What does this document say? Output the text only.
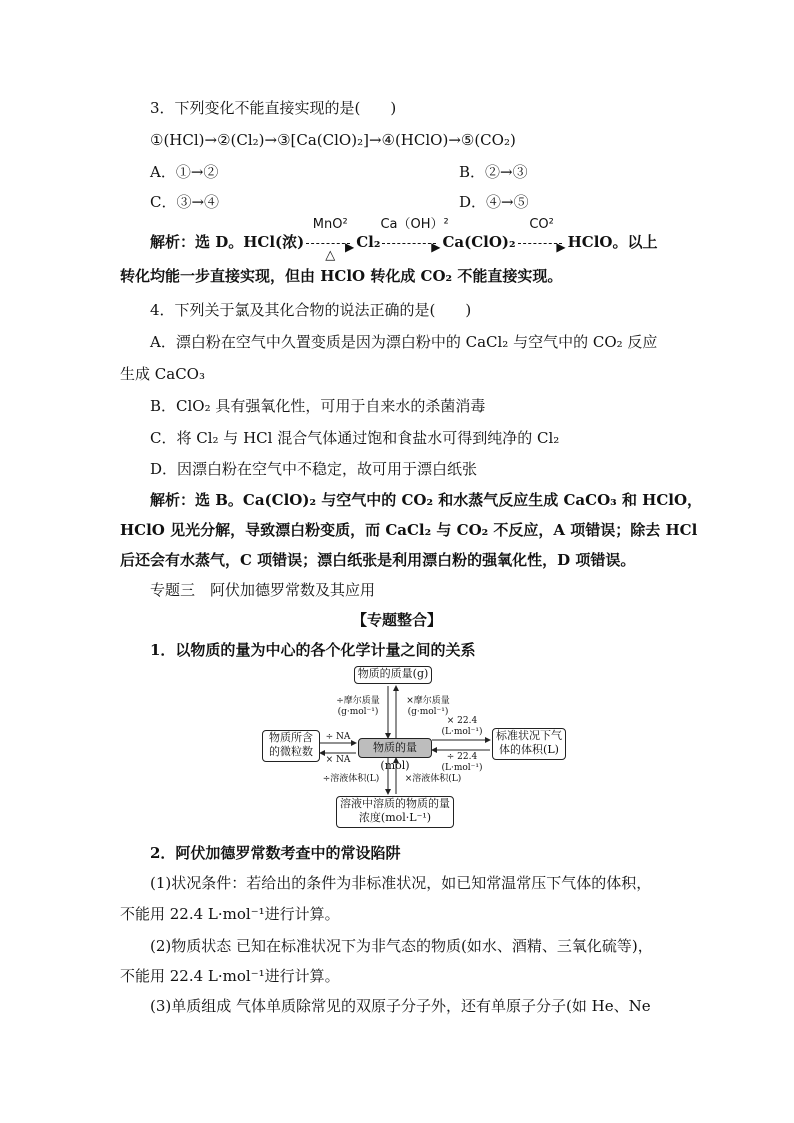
3．下列变化不能直接实现的是(　　)
①(HCl)→②(Cl₂)→③[Ca(ClO)₂]→④(HClO)→⑤(CO₂)
A．①→②	B．②→③
C．③→④	D．④→⑤
解析：选 D。HCl(浓)
MnO²
▶
△
Cl₂
Ca（OH）²
▶ Ca(ClO)₂
CO²
▶ HClO。以上
转化均能一步直接实现，但由 HClO 转化成 CO₂ 不能直接实现。
4．下列关于氯及其化合物的说法正确的是(　　)
A．漂白粉在空气中久置变质是因为漂白粉中的 CaCl₂ 与空气中的 CO₂ 反应
生成 CaCO₃
B．ClO₂ 具有强氧化性，可用于自来水的杀菌消毒
C．将 Cl₂ 与 HCl 混合气体通过饱和食盐水可得到纯净的 Cl₂
D．因漂白粉在空气中不稳定，故可用于漂白纸张
解析：选 B。Ca(ClO)₂ 与空气中的 CO₂ 和水蒸气反应生成 CaCO₃ 和 HClO，
HClO 见光分解，导致漂白粉变质，而 CaCl₂ 与 CO₂ 不反应，A 项错误；除去 HCl
后还会有水蒸气，C 项错误；漂白纸张是利用漂白粉的强氧化性，D 项错误。
专题三　阿伏加德罗常数及其应用
【专题整合】
1．以物质的量为中心的各个化学计量之间的关系
物质的质量(g)
物质所含
的微粒数	物质的量(mol)
标准状况下气
体的体积(L)
溶液中溶质的物质的量
浓度(mol·L⁻¹)
÷摩尔质量
(g·mol⁻¹)
×摩尔质量
(g·mol⁻¹)
÷ NA
× NA
× 22.4
(L·mol⁻¹)
÷ 22.4
(L·mol⁻¹)
÷溶液体积(L)	×溶液体积(L)
2．阿伏加德罗常数考查中的常设陷阱
(1)状况条件：若给出的条件为非标准状况，如已知常温常压下气体的体积，
不能用 22.4 L·mol⁻¹进行计算。
(2)物质状态 已知在标准状况下为非气态的物质(如水、酒精、三氧化硫等)，
不能用 22.4 L·mol⁻¹进行计算。
(3)单质组成 气体单质除常见的双原子分子外，还有单原子分子(如 He、Ne
